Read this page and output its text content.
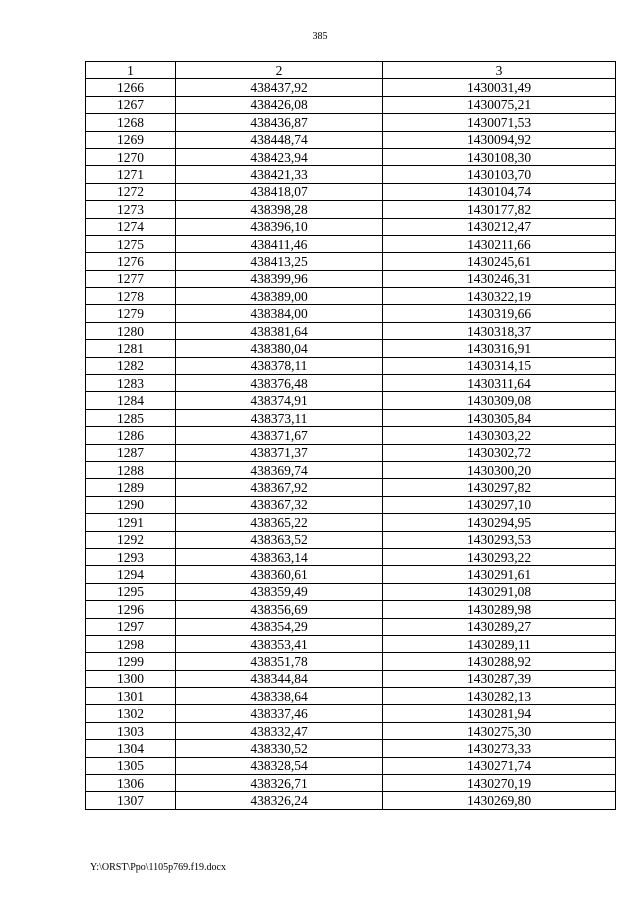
385
1	2	3
1266	438437,92	1430031,49
1267	438426,08	1430075,21
1268	438436,87	1430071,53
1269	438448,74	1430094,92
1270	438423,94	1430108,30
1271	438421,33	1430103,70
1272	438418,07	1430104,74
1273	438398,28	1430177,82
1274	438396,10	1430212,47
1275	438411,46	1430211,66
1276	438413,25	1430245,61
1277	438399,96	1430246,31
1278	438389,00	1430322,19
1279	438384,00	1430319,66
1280	438381,64	1430318,37
1281	438380,04	1430316,91
1282	438378,11	1430314,15
1283	438376,48	1430311,64
1284	438374,91	1430309,08
1285	438373,11	1430305,84
1286	438371,67	1430303,22
1287	438371,37	1430302,72
1288	438369,74	1430300,20
1289	438367,92	1430297,82
1290	438367,32	1430297,10
1291	438365,22	1430294,95
1292	438363,52	1430293,53
1293	438363,14	1430293,22
1294	438360,61	1430291,61
1295	438359,49	1430291,08
1296	438356,69	1430289,98
1297	438354,29	1430289,27
1298	438353,41	1430289,11
1299	438351,78	1430288,92
1300	438344,84	1430287,39
1301	438338,64	1430282,13
1302	438337,46	1430281,94
1303	438332,47	1430275,30
1304	438330,52	1430273,33
1305	438328,54	1430271,74
1306	438326,71	1430270,19
1307	438326,24	1430269,80
Y:\ORST\Ppo\1105p769.f19.docx
